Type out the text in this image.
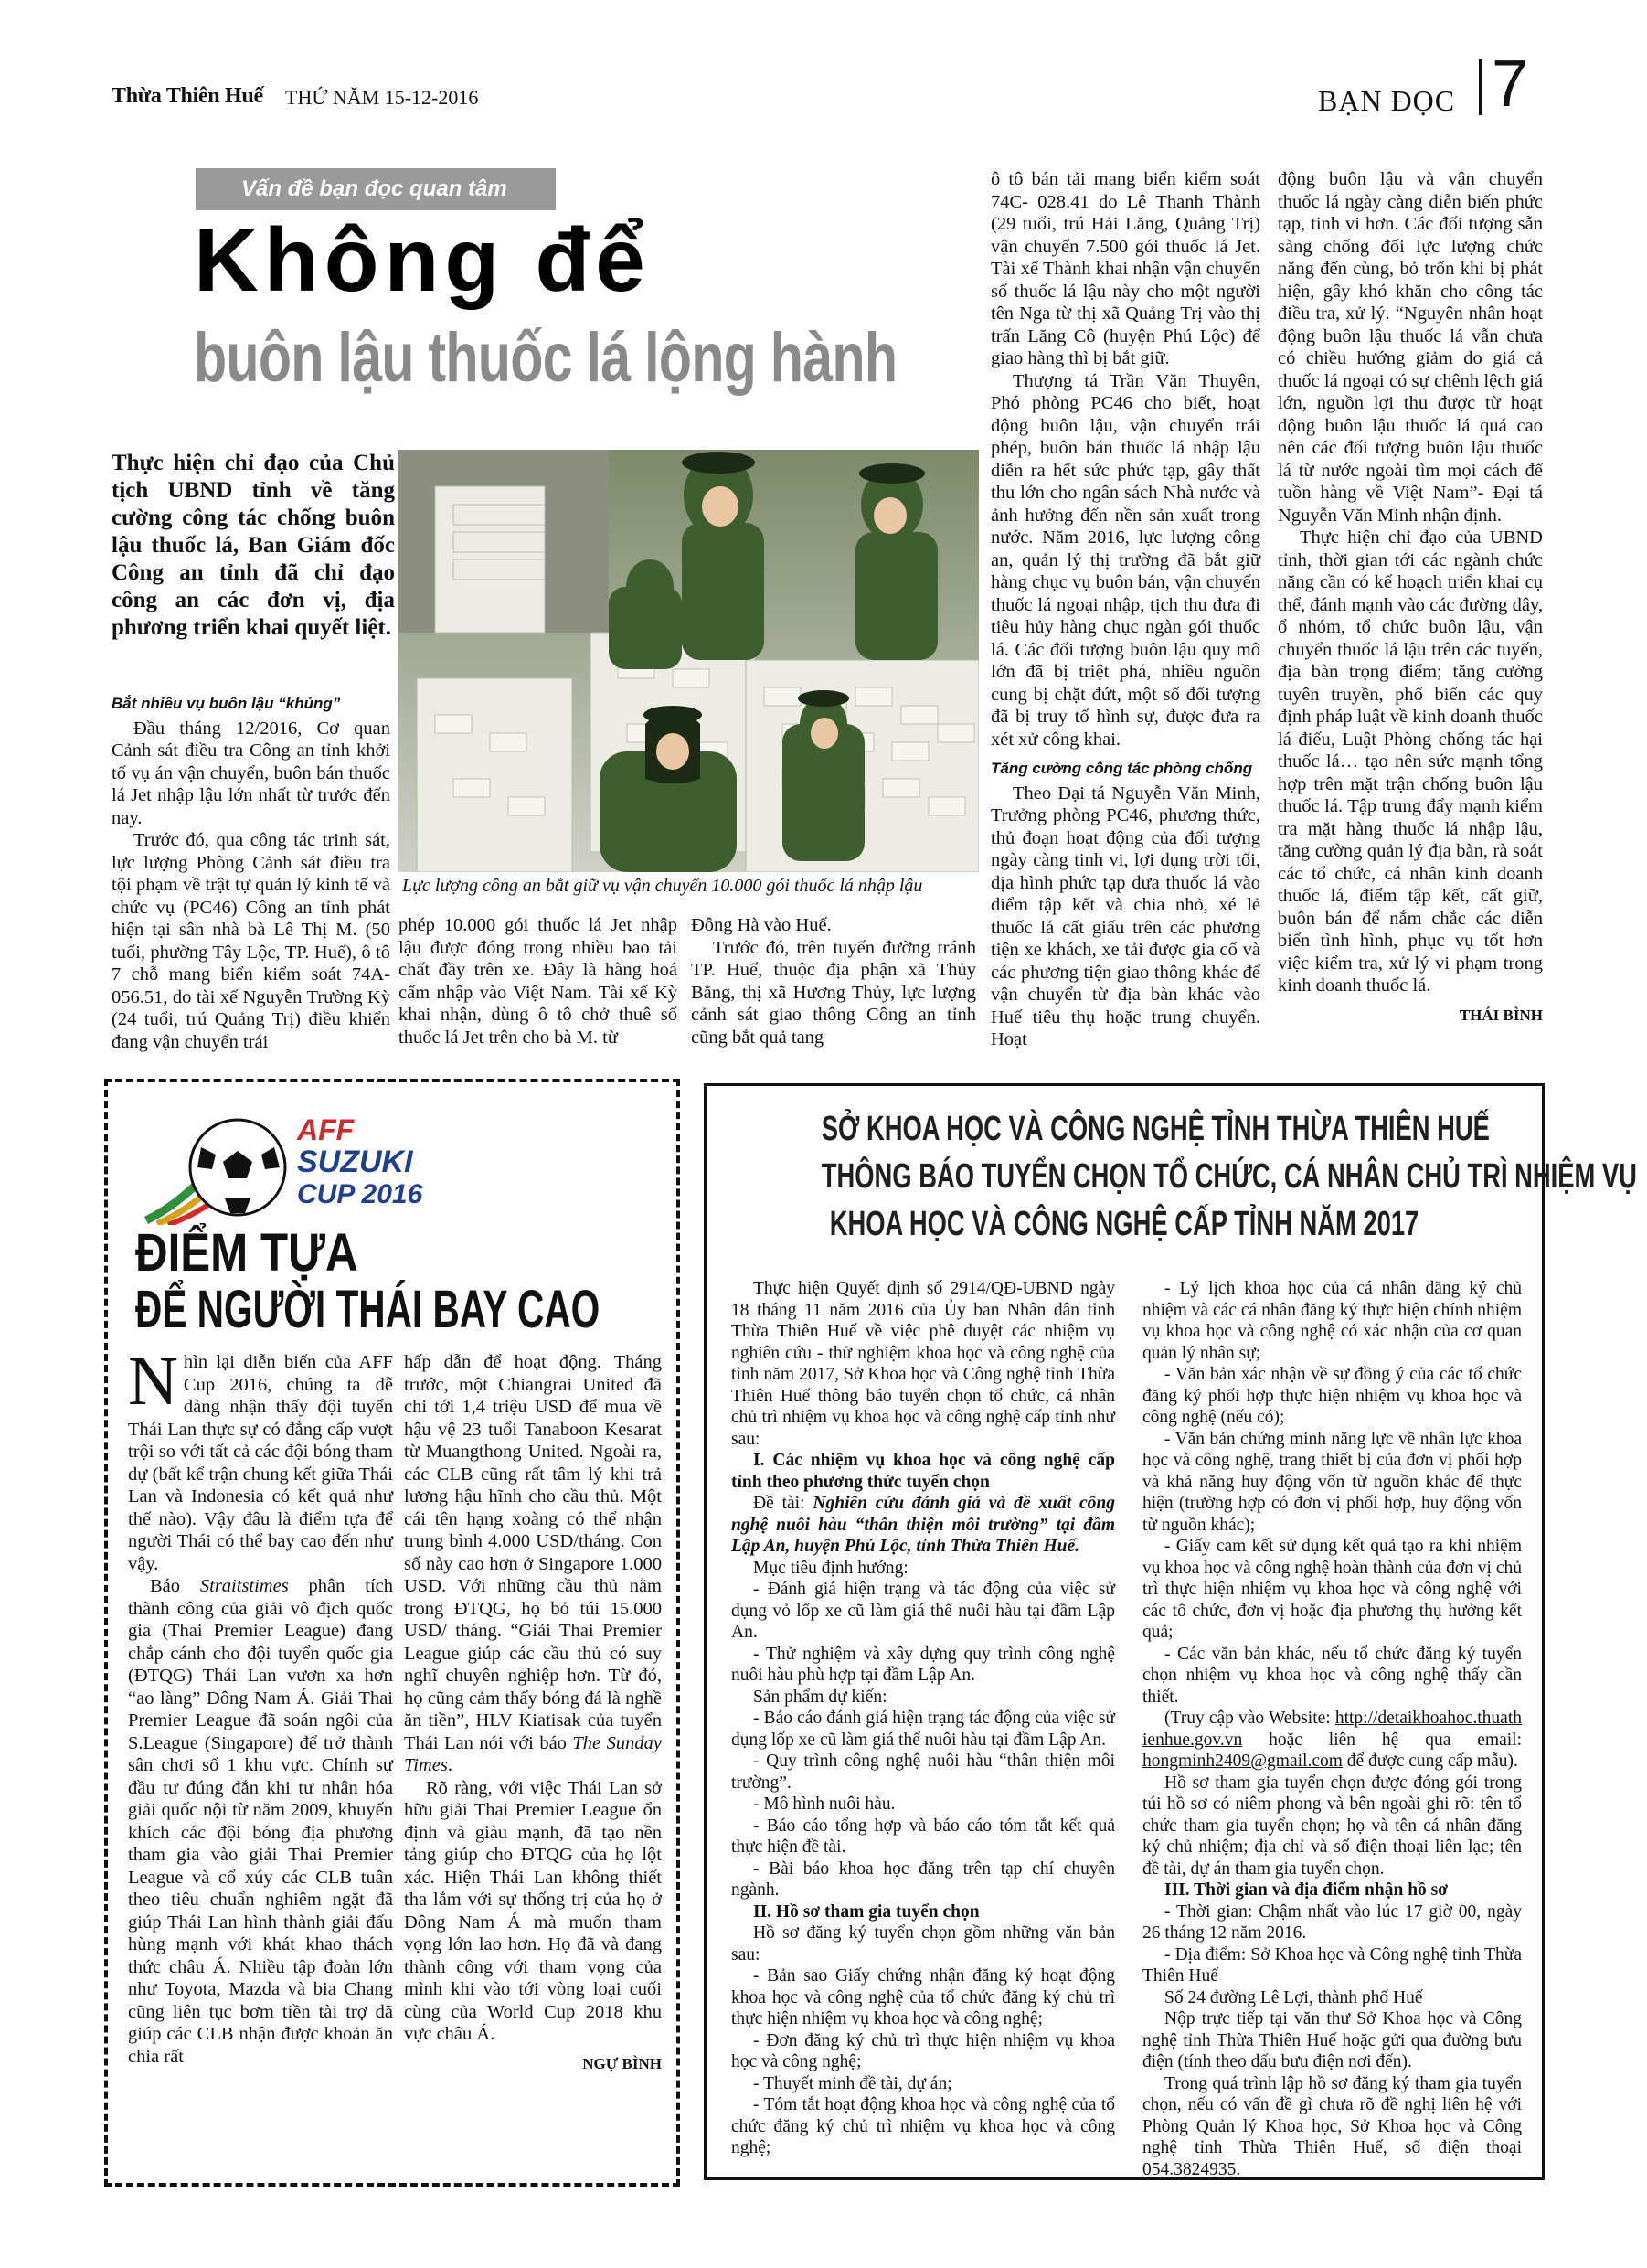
Thừa Thiên Huế THỨ NĂM 15-12-2016	BẠN ĐỌC 7
Vấn đề bạn đọc quan tâm
Không để
buôn lậu thuốc lá lộng hành
Thực hiện chỉ đạo của Chủ tịch UBND tỉnh về tăng cường công tác chống buôn lậu thuốc lá, Ban Giám đốc Công an tỉnh đã chỉ đạo công an các đơn vị, địa phương triển khai quyết liệt.
Lực lượng công an bắt giữ vụ vận chuyển 10.000 gói thuốc lá nhập lậu
Bắt nhiều vụ buôn lậu “khủng”

Đầu tháng 12/2016, Cơ quan Cảnh sát điều tra Công an tỉnh khởi tố vụ án vận chuyển, buôn bán thuốc lá Jet nhập lậu lớn nhất từ trước đến nay.

Trước đó, qua công tác trinh sát, lực lượng Phòng Cảnh sát điều tra tội phạm về trật tự quản lý kinh tế và chức vụ (PC46) Công an tỉnh phát hiện tại sân nhà bà Lê Thị M. (50 tuổi, phường Tây Lộc, TP. Huế), ô tô 7 chỗ mang biển kiểm soát 74A- 056.51, do tài xế Nguyễn Trường Kỳ (24 tuổi, trú Quảng Trị) điều khiển đang vận chuyển trái

phép 10.000 gói thuốc lá Jet nhập lậu được đóng trong nhiều bao tải chất đầy trên xe. Đây là hàng hoá cấm nhập vào Việt Nam. Tài xế Kỳ khai nhận, dùng ô tô chở thuê số thuốc lá Jet trên cho bà M. từ

Đông Hà vào Huế.

Trước đó, trên tuyến đường tránh TP. Huế, thuộc địa phận xã Thủy Bằng, thị xã Hương Thủy, lực lượng cảnh sát giao thông Công an tỉnh cũng bắt quả tang

ô tô bán tải mang biển kiểm soát 74C- 028.41 do Lê Thanh Thành (29 tuổi, trú Hải Lăng, Quảng Trị) vận chuyển 7.500 gói thuốc lá Jet. Tài xế Thành khai nhận vận chuyển số thuốc lá lậu này cho một người tên Nga từ thị xã Quảng Trị vào thị trấn Lăng Cô (huyện Phú Lộc) để giao hàng thì bị bắt giữ.

Thượng tá Trần Văn Thuyên, Phó phòng PC46 cho biết, hoạt động buôn lậu, vận chuyển trái phép, buôn bán thuốc lá nhập lậu diễn ra hết sức phức tạp, gây thất thu lớn cho ngân sách Nhà nước và ảnh hưởng đến nền sản xuất trong nước. Năm 2016, lực lượng công an, quản lý thị trường đã bắt giữ hàng chục vụ buôn bán, vận chuyển thuốc lá ngoại nhập, tịch thu đưa đi tiêu hủy hàng chục ngàn gói thuốc lá. Các đối tượng buôn lậu quy mô lớn đã bị triệt phá, nhiều nguồn cung bị chặt đứt, một số đối tượng đã bị truy tố hình sự, được đưa ra xét xử công khai.

Tăng cường công tác phòng chống

Theo Đại tá Nguyễn Văn Minh, Trưởng phòng PC46, phương thức, thủ đoạn hoạt động của đối tượng ngày càng tinh vi, lợi dụng trời tối, địa hình phức tạp đưa thuốc lá vào điểm tập kết và chia nhỏ, xé lẻ thuốc lá cất giấu trên các phương tiện xe khách, xe tải được gia cố và các phương tiện giao thông khác để vận chuyển từ địa bàn khác vào Huế tiêu thụ hoặc trung chuyển. Hoạt

động buôn lậu và vận chuyển thuốc lá ngày càng diễn biến phức tạp, tinh vi hơn. Các đối tượng sẵn sàng chống đối lực lượng chức năng đến cùng, bỏ trốn khi bị phát hiện, gây khó khăn cho công tác điều tra, xử lý. “Nguyên nhân hoạt động buôn lậu thuốc lá vẫn chưa có chiều hướng giảm do giá cả thuốc lá ngoại có sự chênh lệch giá lớn, nguồn lợi thu được từ hoạt động buôn lậu thuốc lá quá cao nên các đối tượng buôn lậu thuốc lá từ nước ngoài tìm mọi cách để tuồn hàng về Việt Nam”- Đại tá Nguyễn Văn Minh nhận định.

Thực hiện chỉ đạo của UBND tỉnh, thời gian tới các ngành chức năng cần có kế hoạch triển khai cụ thể, đánh mạnh vào các đường dây, ổ nhóm, tổ chức buôn lậu, vận chuyển thuốc lá lậu trên các tuyến, địa bàn trọng điểm; tăng cường tuyên truyền, phổ biến các quy định pháp luật về kinh doanh thuốc lá điếu, Luật Phòng chống tác hại thuốc lá… tạo nên sức mạnh tổng hợp trên mặt trận chống buôn lậu thuốc lá. Tập trung đẩy mạnh kiểm tra mặt hàng thuốc lá nhập lậu, tăng cường quản lý địa bàn, rà soát các tổ chức, cá nhân kinh doanh thuốc lá, điểm tập kết, cất giữ, buôn bán để nắm chắc các diễn biến tình hình, phục vụ tốt hơn việc kiểm tra, xử lý vi phạm trong kinh doanh thuốc lá.

THÁI BÌNH
AFF
SUZUKI
CUP 2016
ĐIỂM TỰA
ĐỂ NGƯỜI THÁI BAY CAO

Nhìn lại diễn biến của AFF Cup 2016, chúng ta dễ dàng nhận thấy đội tuyển Thái Lan thực sự có đẳng cấp vượt trội so với tất cả các đội bóng tham dự (bất kể trận chung kết giữa Thái Lan và Indonesia có kết quả như thế nào). Vậy đâu là điểm tựa để người Thái có thể bay cao đến như vậy.

Báo Straitstimes phân tích thành công của giải vô địch quốc gia (Thai Premier League) đang chắp cánh cho đội tuyển quốc gia (ĐTQG) Thái Lan vươn xa hơn “ao làng” Đông Nam Á. Giải Thai Premier League đã soán ngôi của S.League (Singapore) để trở thành sân chơi số 1 khu vực. Chính sự đầu tư đúng đắn khi tư nhân hóa giải quốc nội từ năm 2009, khuyến khích các đội bóng địa phương tham gia vào giải Thai Premier League và cổ xúy các CLB tuân theo tiêu chuẩn nghiêm ngặt đã giúp Thái Lan hình thành giải đấu hùng mạnh với khát khao thách thức châu Á. Nhiều tập đoàn lớn như Toyota, Mazda và bia Chang cũng liên tục bơm tiền tài trợ đã giúp các CLB nhận được khoản ăn chia rất

hấp dẫn để hoạt động. Tháng trước, một Chiangrai United đã chi tới 1,4 triệu USD để mua về hậu vệ 23 tuổi Tanaboon Kesarat từ Muangthong United. Ngoài ra, các CLB cũng rất tâm lý khi trả lương hậu hĩnh cho cầu thủ. Một cái tên hạng xoàng có thể nhận trung bình 4.000 USD/tháng. Con số này cao hơn ở Singapore 1.000 USD. Với những cầu thủ nằm trong ĐTQG, họ bỏ túi 15.000 USD/ tháng. “Giải Thai Premier League giúp các cầu thủ có suy nghĩ chuyên nghiệp hơn. Từ đó, họ cũng cảm thấy bóng đá là nghề ăn tiền”, HLV Kiatisak của tuyển Thái Lan nói với báo The Sunday Times.

Rõ ràng, với việc Thái Lan sở hữu giải Thai Premier League ổn định và giàu mạnh, đã tạo nền tảng giúp cho ĐTQG của họ lột xác. Hiện Thái Lan không thiết tha lắm với sự thống trị của họ ở Đông Nam Á mà muốn tham vọng lớn lao hơn. Họ đã và đang thành công với tham vọng của mình khi vào tới vòng loại cuối cùng của World Cup 2018 khu vực châu Á.

NGỰ BÌNH
SỞ KHOA HỌC VÀ CÔNG NGHỆ TỈNH THỪA THIÊN HUẾ
THÔNG BÁO TUYỂN CHỌN TỔ CHỨC, CÁ NHÂN CHỦ TRÌ NHIỆM VỤ
KHOA HỌC VÀ CÔNG NGHỆ CẤP TỈNH NĂM 2017

Thực hiện Quyết định số 2914/QĐ-UBND ngày 18 tháng 11 năm 2016 của Ủy ban Nhân dân tỉnh Thừa Thiên Huế về việc phê duyệt các nhiệm vụ nghiên cứu - thử nghiệm khoa học và công nghệ của tỉnh năm 2017, Sở Khoa học và Công nghệ tỉnh Thừa Thiên Huế thông báo tuyển chọn tổ chức, cá nhân chủ trì nhiệm vụ khoa học và công nghệ cấp tỉnh như sau:

I. Các nhiệm vụ khoa học và công nghệ cấp tỉnh theo phương thức tuyển chọn

Đề tài: Nghiên cứu đánh giá và đề xuất công nghệ nuôi hàu “thân thiện môi trường” tại đầm Lập An, huyện Phú Lộc, tỉnh Thừa Thiên Huế.

Mục tiêu định hướng:

- Đánh giá hiện trạng và tác động của việc sử dụng vỏ lốp xe cũ làm giá thể nuôi hàu tại đầm Lập An.

- Thử nghiệm và xây dựng quy trình công nghệ nuôi hàu phù hợp tại đầm Lập An.

Sản phẩm dự kiến:

- Báo cáo đánh giá hiện trạng tác động của việc sử dụng lốp xe cũ làm giá thể nuôi hàu tại đầm Lập An.

- Quy trình công nghệ nuôi hàu “thân thiện môi trường”.

- Mô hình nuôi hàu.

- Báo cáo tổng hợp và báo cáo tóm tắt kết quả thực hiện đề tài.

- Bài báo khoa học đăng trên tạp chí chuyên ngành.

II. Hồ sơ tham gia tuyển chọn

Hồ sơ đăng ký tuyển chọn gồm những văn bản sau:

- Bản sao Giấy chứng nhận đăng ký hoạt động khoa học và công nghệ của tổ chức đăng ký chủ trì thực hiện nhiệm vụ khoa học và công nghệ;

- Đơn đăng ký chủ trì thực hiện nhiệm vụ khoa học và công nghệ;

- Thuyết minh đề tài, dự án;

- Tóm tắt hoạt động khoa học và công nghệ của tổ chức đăng ký chủ trì nhiệm vụ khoa học và công nghệ;

- Lý lịch khoa học của cá nhân đăng ký chủ nhiệm và các cá nhân đăng ký thực hiện chính nhiệm vụ khoa học và công nghệ có xác nhận của cơ quan quản lý nhân sự;

- Văn bản xác nhận về sự đồng ý của các tổ chức đăng ký phối hợp thực hiện nhiệm vụ khoa học và công nghệ (nếu có);

- Văn bản chứng minh năng lực về nhân lực khoa học và công nghệ, trang thiết bị của đơn vị phối hợp và khả năng huy động vốn từ nguồn khác để thực hiện (trường hợp có đơn vị phối hợp, huy động vốn từ nguồn khác);

- Giấy cam kết sử dụng kết quả tạo ra khi nhiệm vụ khoa học và công nghệ hoàn thành của đơn vị chủ trì thực hiện nhiệm vụ khoa học và công nghệ với các tổ chức, đơn vị hoặc địa phương thụ hưởng kết quả;

- Các văn bản khác, nếu tổ chức đăng ký tuyển chọn nhiệm vụ khoa học và công nghệ thấy cần thiết.

(Truy cập vào Website: http://detaikhoahoc.thuathienhue.gov.vn hoặc liên hệ qua email: hongminh2409@gmail.com để được cung cấp mẫu).

Hồ sơ tham gia tuyển chọn được đóng gói trong túi hồ sơ có niêm phong và bên ngoài ghi rõ: tên tổ chức tham gia tuyển chọn; họ và tên cá nhân đăng ký chủ nhiệm; địa chỉ và số điện thoại liên lạc; tên đề tài, dự án tham gia tuyển chọn.

III. Thời gian và địa điểm nhận hồ sơ

- Thời gian: Chậm nhất vào lúc 17 giờ 00, ngày 26 tháng 12 năm 2016.

- Địa điểm: Sở Khoa học và Công nghệ tỉnh Thừa Thiên Huế

Số 24 đường Lê Lợi, thành phố Huế

Nộp trực tiếp tại văn thư Sở Khoa học và Công nghệ tỉnh Thừa Thiên Huế hoặc gửi qua đường bưu điện (tính theo dấu bưu điện nơi đến).

Trong quá trình lập hồ sơ đăng ký tham gia tuyển chọn, nếu có vấn đề gì chưa rõ đề nghị liên hệ với Phòng Quản lý Khoa học, Sở Khoa học và Công nghệ tỉnh Thừa Thiên Huế, số điện thoại 054.3824935.
